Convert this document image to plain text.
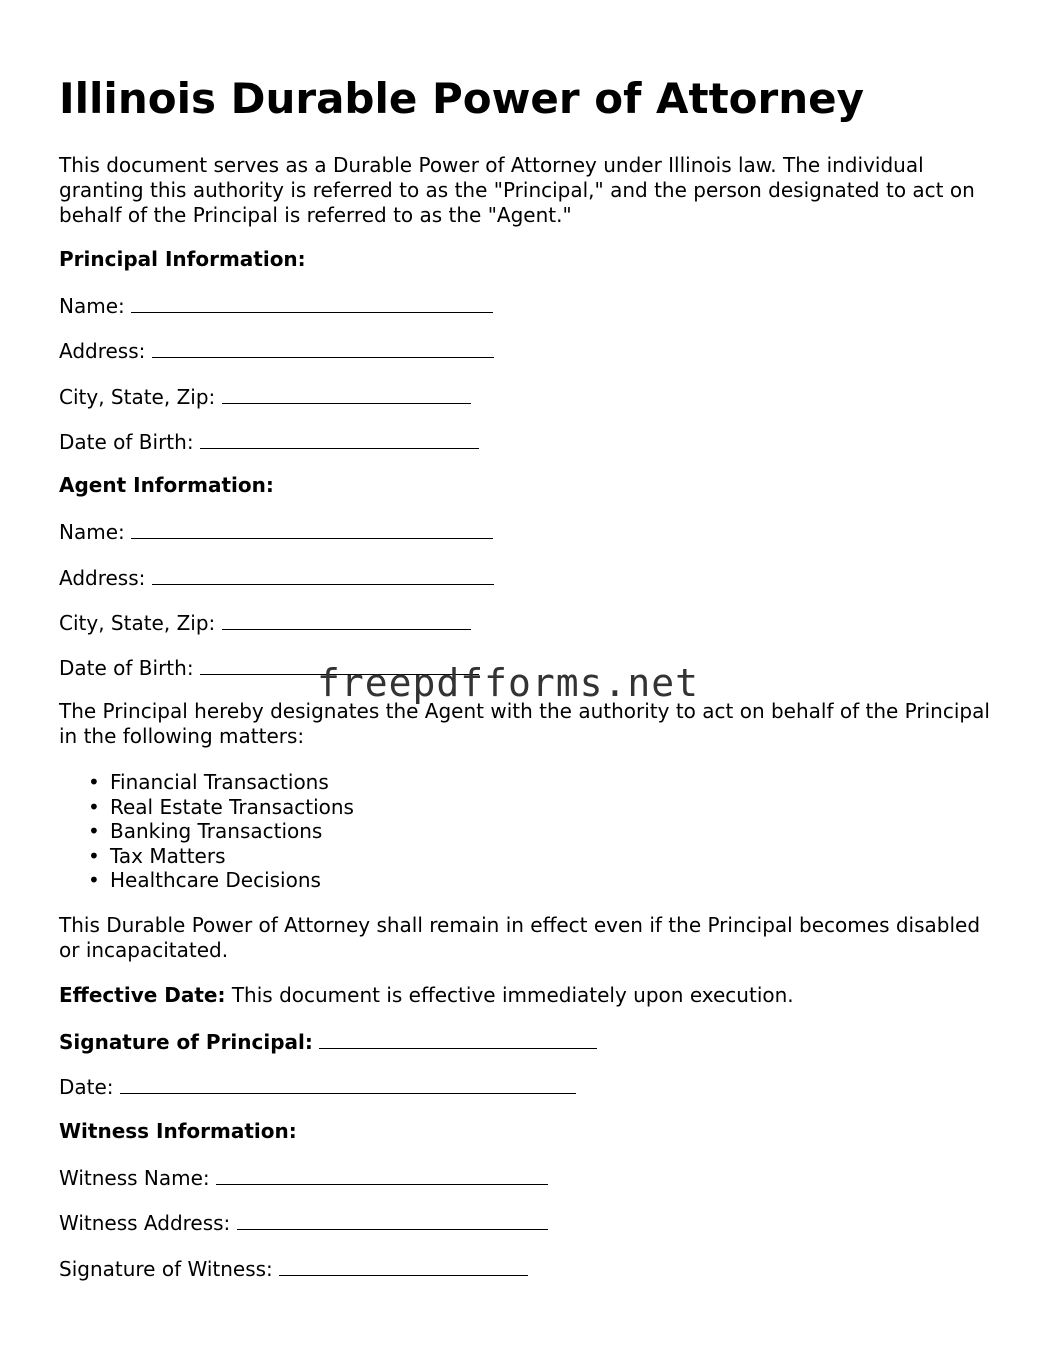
Illinois Durable Power of Attorney

This document serves as a Durable Power of Attorney under Illinois law. The individual granting this authority is referred to as the "Principal," and the person designated to act on behalf of the Principal is referred to as the "Agent."

Principal Information:

Name:

Address:

City, State, Zip:

Date of Birth:

Agent Information:

Name:

Address:

City, State, Zip:

Date of Birth:

The Principal hereby designates the Agent with the authority to act on behalf of the Principal in the following matters:

• Financial Transactions
• Real Estate Transactions
• Banking Transactions
• Tax Matters
• Healthcare Decisions

This Durable Power of Attorney shall remain in effect even if the Principal becomes disabled or incapacitated.

Effective Date: This document is effective immediately upon execution.

Signature of Principal:

Date:

Witness Information:

Witness Name:

Witness Address:

Signature of Witness:

freepdfforms.net
